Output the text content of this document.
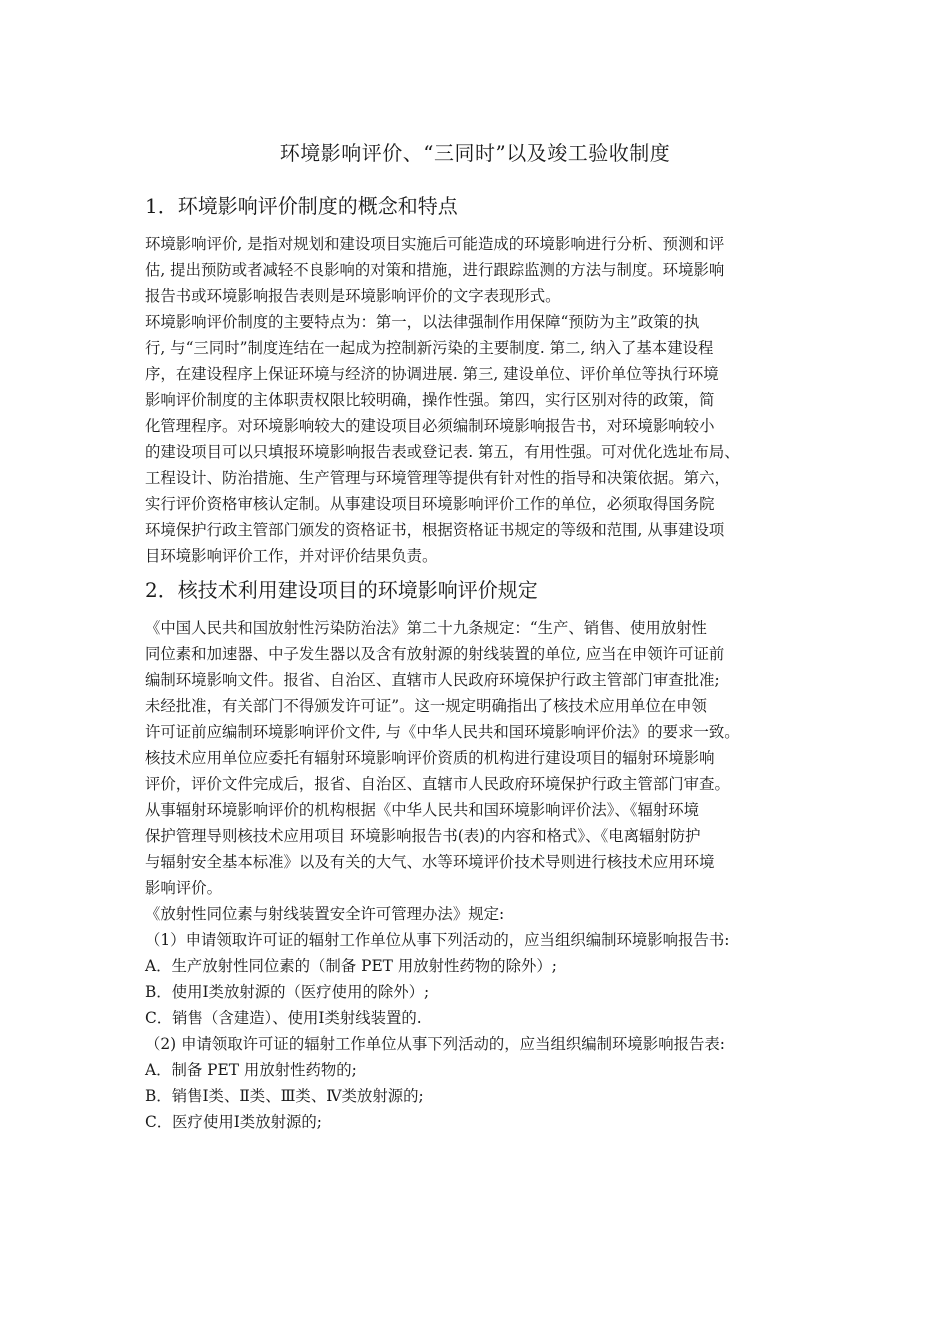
环境影响评价、“三同时”以及竣工验收制度
1．环境影响评价制度的概念和特点

环境影响评价, 是指对规划和建设项目实施后可能造成的环境影响进行分析、预测和评
估, 提出预防或者减轻不良影响的对策和措施，进行跟踪监测的方法与制度。环境影响
报告书或环境影响报告表则是环境影响评价的文字表现形式。

环境影响评价制度的主要特点为：第一，以法律强制作用保障“预防为主”政策的执
行, 与“三同时”制度连结在一起成为控制新污染的主要制度. 第二, 纳入了基本建设程
序，在建设程序上保证环境与经济的协调进展. 第三, 建设单位、评价单位等执行环境
影响评价制度的主体职责权限比较明确，操作性强。第四，实行区别对待的政策，简
化管理程序。对环境影响较大的建设项目必须编制环境影响报告书，对环境影响较小
的建设项目可以只填报环境影响报告表或登记表. 第五，有用性强。可对优化选址布局、
工程设计、防治措施、生产管理与环境管理等提供有针对性的指导和决策依据。第六，
实行评价资格审核认定制。从事建设项目环境影响评价工作的单位，必须取得国务院
环境保护行政主管部门颁发的资格证书，根据资格证书规定的等级和范围, 从事建设项
目环境影响评价工作，并对评价结果负责。

2．核技术利用建设项目的环境影响评价规定

《中国人民共和国放射性污染防治法》第二十九条规定：“生产、销售、使用放射性
同位素和加速器、中子发生器以及含有放射源的射线装置的单位, 应当在申领许可证前
编制环境影响文件。报省、自治区、直辖市人民政府环境保护行政主管部门审查批准;
未经批准，有关部门不得颁发许可证”。这一规定明确指出了核技术应用单位在申领
许可证前应编制环境影响评价文件, 与《中华人民共和国环境影响评价法》的要求一致。

核技术应用单位应委托有辐射环境影响评价资质的机构进行建设项目的辐射环境影响
评价，评价文件完成后，报省、自治区、直辖市人民政府环境保护行政主管部门审查。

从事辐射环境影响评价的机构根据《中华人民共和国环境影响评价法》、《辐射环境
保护管理导则核技术应用项目 环境影响报告书(表)的内容和格式》、《电离辐射防护
与辐射安全基本标准》以及有关的大气、水等环境评价技术导则进行核技术应用环境
影响评价。

《放射性同位素与射线装置安全许可管理办法》规定:
（1）申请领取许可证的辐射工作单位从事下列活动的，应当组织编制环境影响报告书:
A．生产放射性同位素的（制备 PET 用放射性药物的除外）;
B．使用Ⅰ类放射源的（医疗使用的除外）;
C．销售（含建造）、使用Ⅰ类射线装置的.
（2) 申请领取许可证的辐射工作单位从事下列活动的，应当组织编制环境影响报告表:
A．制备 PET 用放射性药物的;
B．销售Ⅰ类、Ⅱ类、Ⅲ类、Ⅳ类放射源的;
C．医疗使用Ⅰ类放射源的;
